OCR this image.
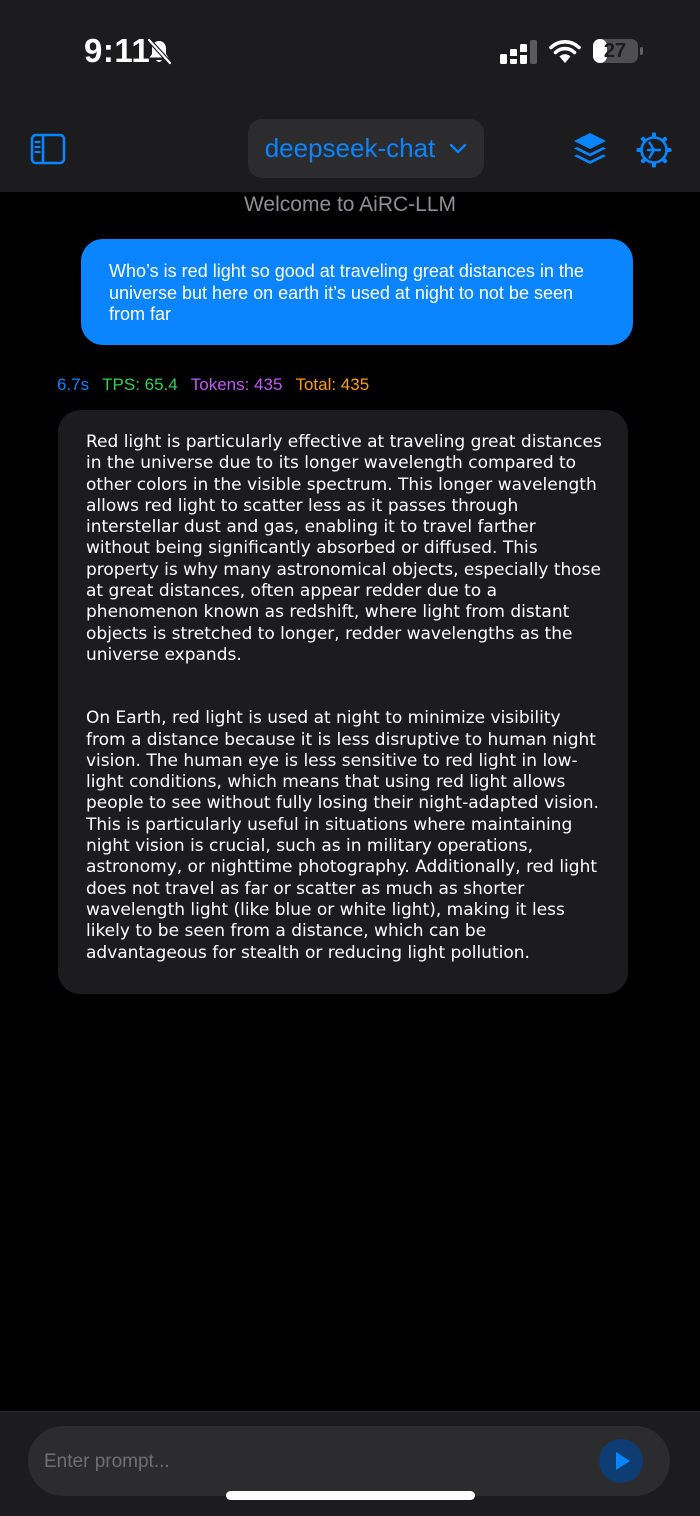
9:11	27
deepseek-chat
Welcome to AiRC-LLM
Who’s is red light so good at traveling great distances in the universe but here on earth it’s used at night to not be seen from far
6.7s TPS: 65.4 Tokens: 435 Total: 435

Red light is particularly effective at traveling great distances in the universe due to its longer wavelength compared to other colors in the visible spectrum. This longer wavelength allows red light to scatter less as it passes through interstellar dust and gas, enabling it to travel farther without being significantly absorbed or diffused. This property is why many astronomical objects, especially those at great distances, often appear redder due to a phenomenon known as redshift, where light from distant objects is stretched to longer, redder wavelengths as the universe expands.

On Earth, red light is used at night to minimize visibility from a distance because it is less disruptive to human night vision. The human eye is less sensitive to red light in low-light conditions, which means that using red light allows people to see without fully losing their night-adapted vision. This is particularly useful in situations where maintaining night vision is crucial, such as in military operations, astronomy, or nighttime photography. Additionally, red light does not travel as far or scatter as much as shorter wavelength light (like blue or white light), making it less likely to be seen from a distance, which can be advantageous for stealth or reducing light pollution.

Enter prompt...
